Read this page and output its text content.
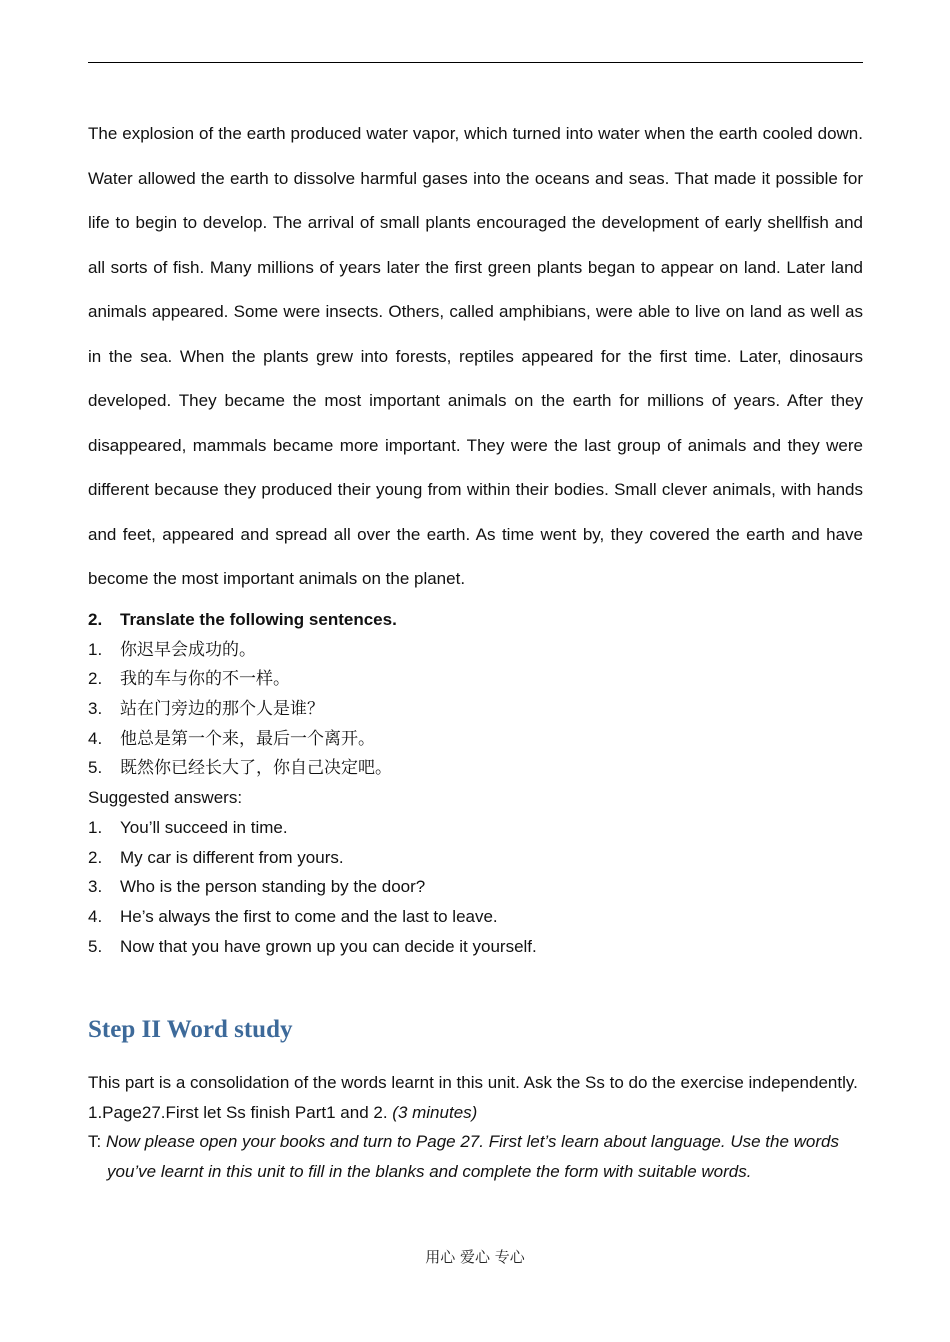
The explosion of the earth produced water vapor, which turned into water when the earth cooled down. Water allowed the earth to dissolve harmful gases into the oceans and seas. That made it possible for life to begin to develop. The arrival of small plants encouraged the development of early shellfish and all sorts of fish. Many millions of years later the first green plants began to appear on land. Later land animals appeared. Some were insects. Others, called amphibians, were able to live on land as well as in the sea. When the plants grew into forests, reptiles appeared for the first time. Later, dinosaurs developed. They became the most important animals on the earth for millions of years. After they disappeared, mammals became more important. They were the last group of animals and they were different because they produced their young from within their bodies. Small clever animals, with hands and feet, appeared and spread all over the earth. As time went by, they covered the earth and have become the most important animals on the planet.

2. Translate the following sentences.
1. 你迟早会成功的。
2. 我的车与你的不一样。
3. 站在门旁边的那个人是谁？
4. 他总是第一个来，最后一个离开。
5. 既然你已经长大了，你自己决定吧。
Suggested answers:
1. You’ll succeed in time.
2. My car is different from yours.
3. Who is the person standing by the door?
4. He’s always the first to come and the last to leave.
5. Now that you have grown up you can decide it yourself.
Step II Word study

This part is a consolidation of the words learnt in this unit. Ask the Ss to do the exercise independently.

1.Page27.First let Ss finish Part1 and 2. (3 minutes)

T: Now please open your books and turn to Page 27. First let’s learn about language. Use the words you’ve learnt in this unit to fill in the blanks and complete the form with suitable words.

用心 爱心 专心
